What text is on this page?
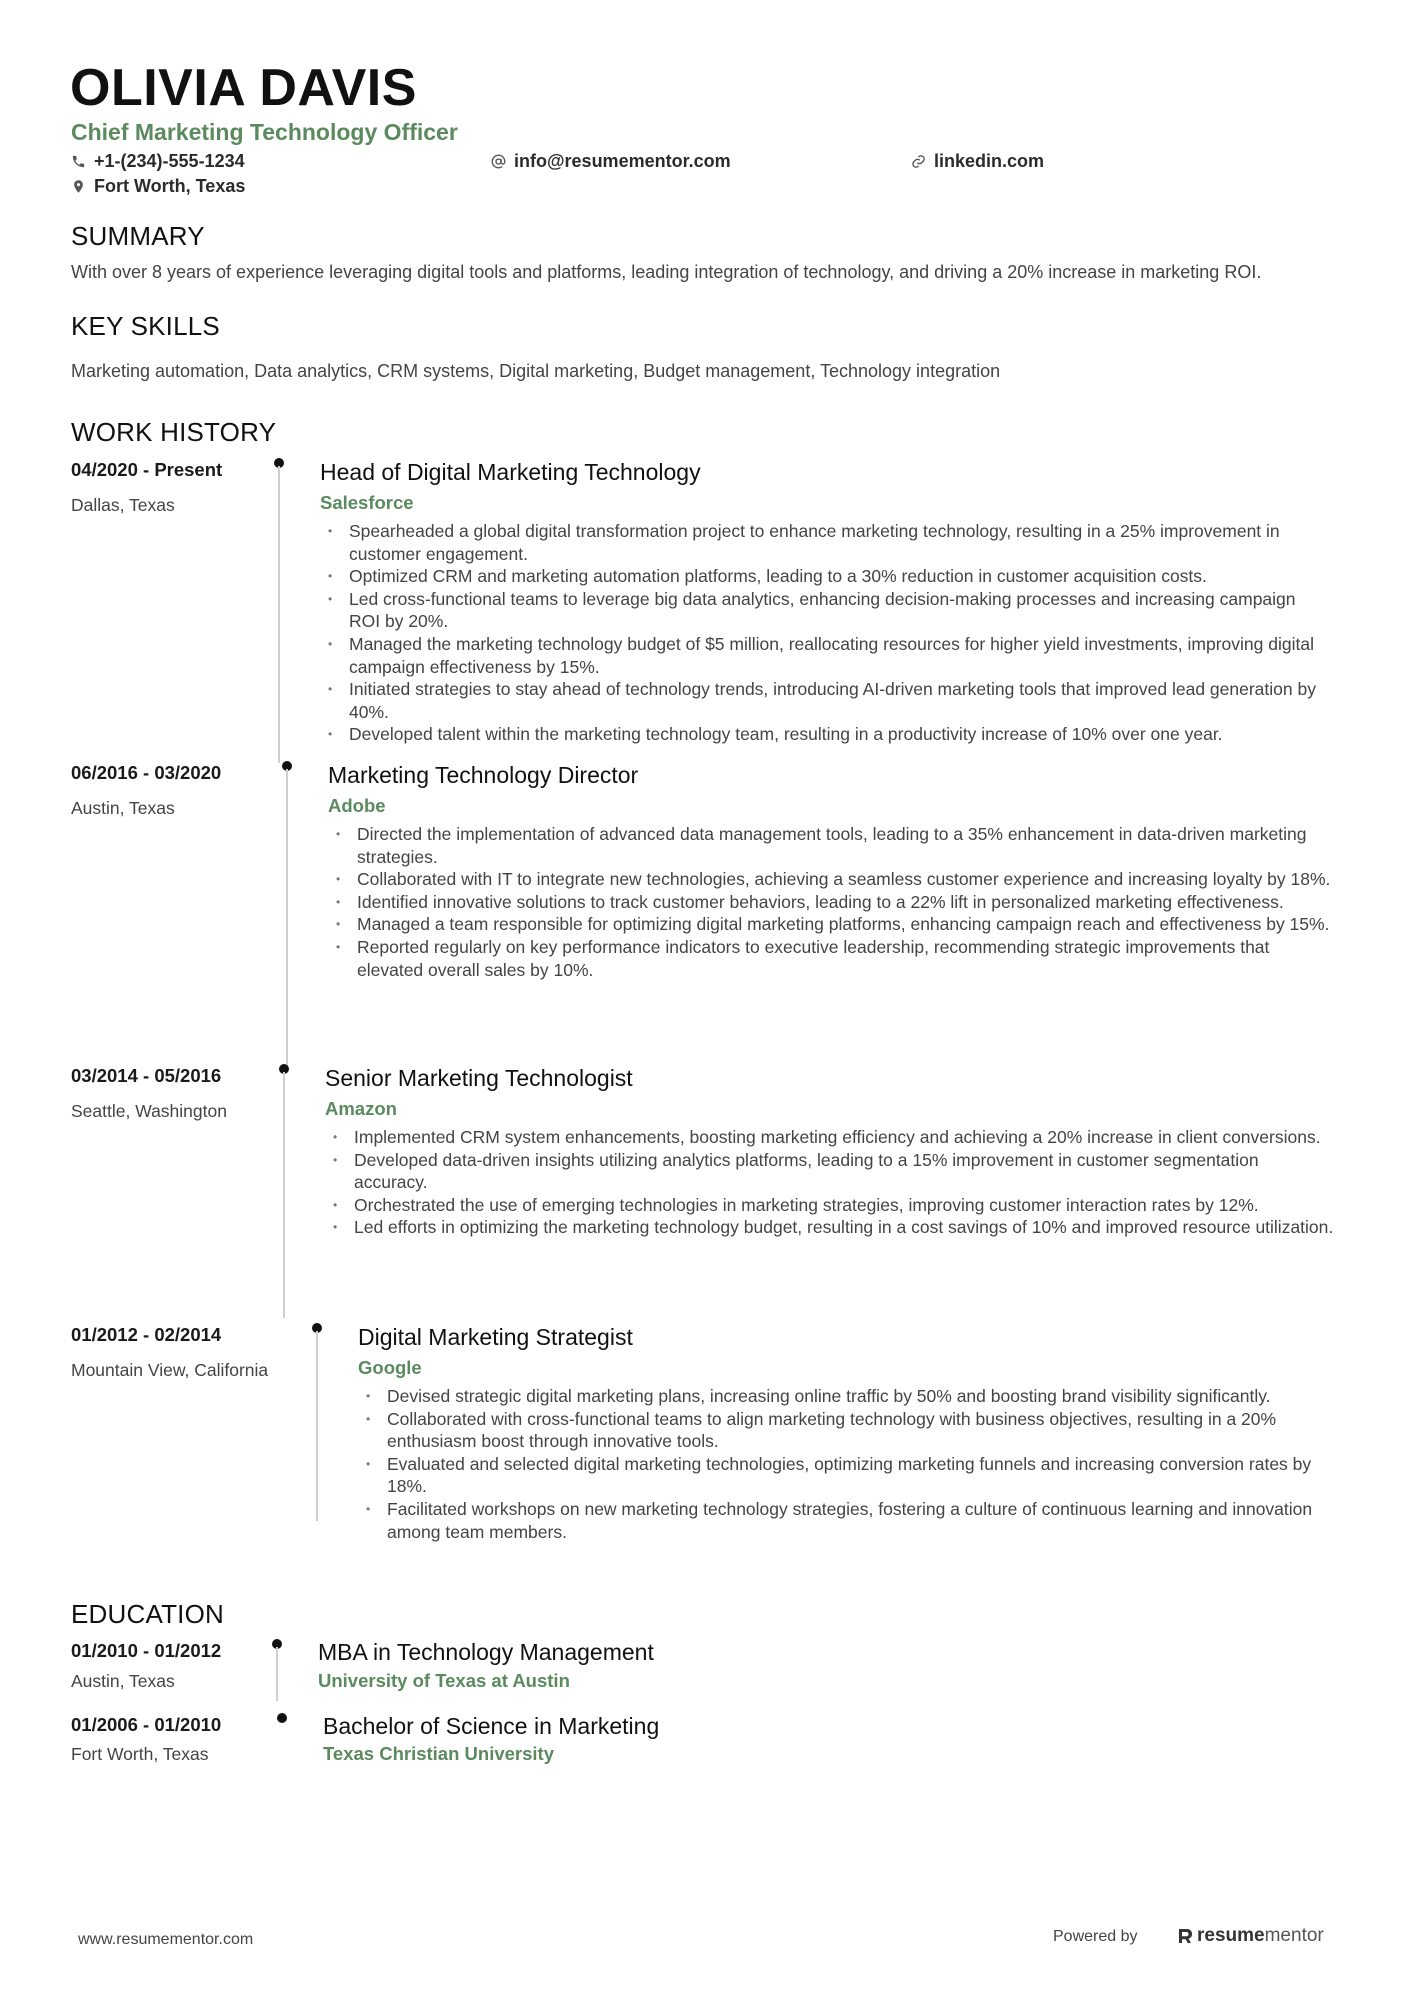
OLIVIA DAVIS
Chief Marketing Technology Officer
+1-(234)-555-1234	info@resumementor.com	linkedin.com
Fort Worth, Texas
SUMMARY
With over 8 years of experience leveraging digital tools and platforms, leading integration of technology, and driving a 20% increase in marketing ROI.
KEY SKILLS
Marketing automation, Data analytics, CRM systems, Digital marketing, Budget management, Technology integration
WORK HISTORY
04/2020 - Present
Dallas, Texas
Head of Digital Marketing Technology
Salesforce
• Spearheaded a global digital transformation project to enhance marketing technology, resulting in a 25% improvement in customer engagement.
• Optimized CRM and marketing automation platforms, leading to a 30% reduction in customer acquisition costs.
• Led cross-functional teams to leverage big data analytics, enhancing decision-making processes and increasing campaign ROI by 20%.
• Managed the marketing technology budget of $5 million, reallocating resources for higher yield investments, improving digital campaign effectiveness by 15%.
• Initiated strategies to stay ahead of technology trends, introducing AI-driven marketing tools that improved lead generation by 40%.
• Developed talent within the marketing technology team, resulting in a productivity increase of 10% over one year.
06/2016 - 03/2020
Austin, Texas
Marketing Technology Director
Adobe
• Directed the implementation of advanced data management tools, leading to a 35% enhancement in data-driven marketing strategies.
• Collaborated with IT to integrate new technologies, achieving a seamless customer experience and increasing loyalty by 18%.
• Identified innovative solutions to track customer behaviors, leading to a 22% lift in personalized marketing effectiveness.
• Managed a team responsible for optimizing digital marketing platforms, enhancing campaign reach and effectiveness by 15%.
• Reported regularly on key performance indicators to executive leadership, recommending strategic improvements that elevated overall sales by 10%.
03/2014 - 05/2016
Seattle, Washington
Senior Marketing Technologist
Amazon
• Implemented CRM system enhancements, boosting marketing efficiency and achieving a 20% increase in client conversions.
• Developed data-driven insights utilizing analytics platforms, leading to a 15% improvement in customer segmentation accuracy.
• Orchestrated the use of emerging technologies in marketing strategies, improving customer interaction rates by 12%.
• Led efforts in optimizing the marketing technology budget, resulting in a cost savings of 10% and improved resource utilization.
01/2012 - 02/2014
Mountain View, California
Digital Marketing Strategist
Google
• Devised strategic digital marketing plans, increasing online traffic by 50% and boosting brand visibility significantly.
• Collaborated with cross-functional teams to align marketing technology with business objectives, resulting in a 20% enthusiasm boost through innovative tools.
• Evaluated and selected digital marketing technologies, optimizing marketing funnels and increasing conversion rates by 18%.
• Facilitated workshops on new marketing technology strategies, fostering a culture of continuous learning and innovation among team members.
EDUCATION
01/2010 - 01/2012
Austin, Texas
MBA in Technology Management
University of Texas at Austin
01/2006 - 01/2010
Fort Worth, Texas
Bachelor of Science in Marketing
Texas Christian University
www.resumementor.com	Powered by	resume mentor
